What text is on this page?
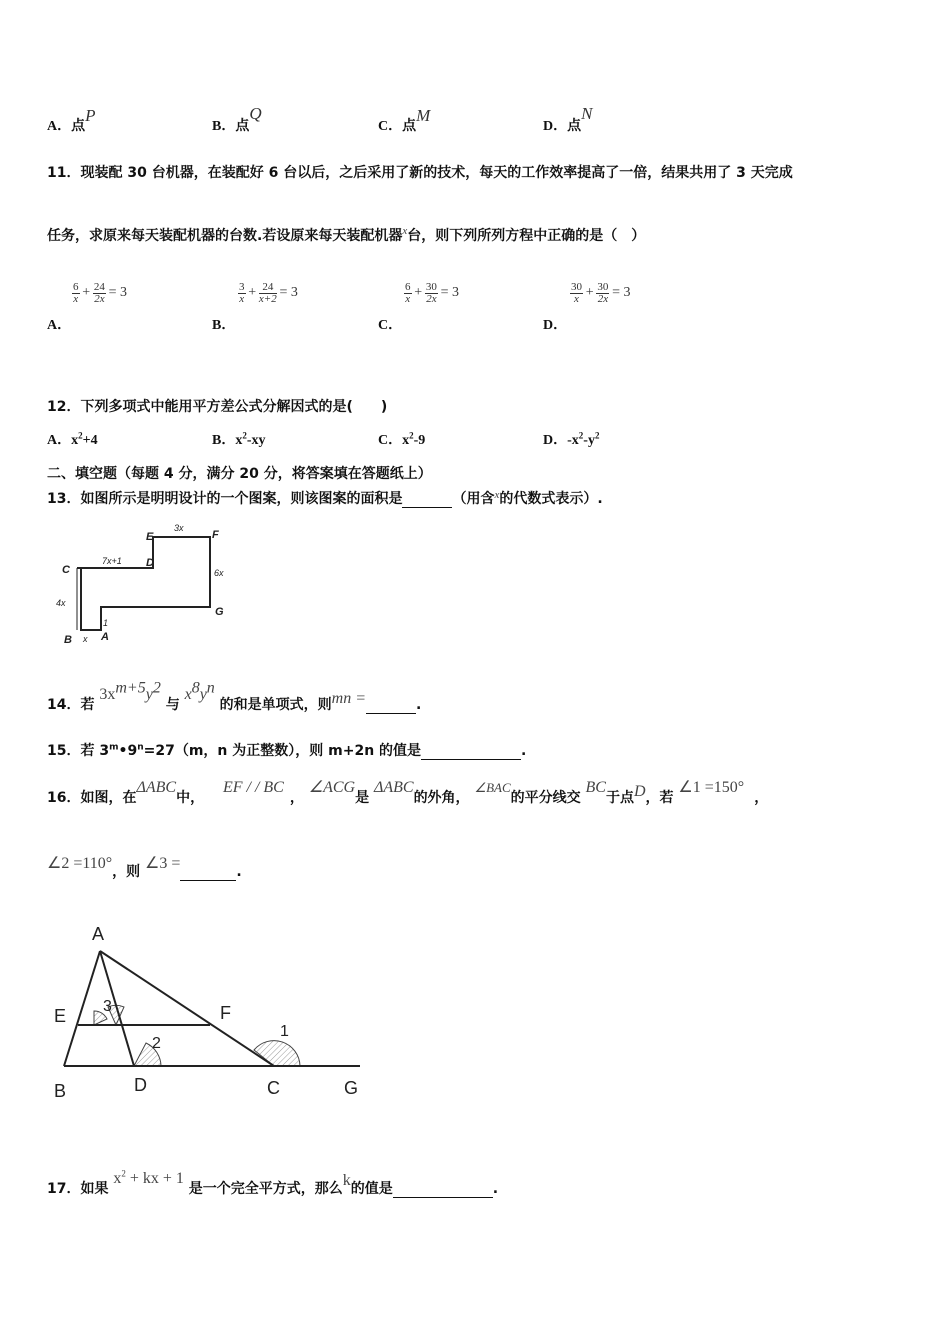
A．点P
B．点Q
C．点M
D．点N
11．现装配 30 台机器，在装配好 6 台以后，之后采用了新的技术，每天的工作效率提高了一倍，结果共用了 3 天完成
任务，求原来每天装配机器的台数.若设原来每天装配机器$^x$台，则下列所列方程中正确的是（　）
A．	B．	C．	D．
$\frac{6}{x} + \frac{24}{2x} = 3$	$\frac{3}{x} + \frac{24}{x+2} = 3$	$\frac{6}{x} + \frac{30}{2x} = 3$	$\frac{30}{x} + \frac{30}{2x} = 3$
12．下列多项式中能用平方差公式分解因式的是(　　)
A．$x^2+4$	B．$x^2-xy$	C．$x^2-9$	D．$-x^2-y^2$
二、填空题（每题 4 分，满分 20 分，将答案填在答题纸上）
13．如图所示是明明设计的一个图案，则该图案的面积是	（用含$^x$的代数式表示）.
C
D
E	F
G
B	A
7x+1
3x
6x
4x
x
1
14．若 $3x^{m+5}y^2$ 与 $x^8y^n$ 的和是单项式，则mn =	.
15．若 $3^m•9^n=27(m$，n 为正整数），则 m+2n 的值是	.
16．如图，在ΔABC中， EF / / BC， ∠ACG是 ΔABC的外角， ∠BAC的平分线交 BC于点D，若 ∠1 =150°，
∠2 =110°，则 ∠3 =	.
A
E	F
B	D	C	G
1
2
3
17．如果 $x^2$ + kx + 1 是一个完全平方式，那么k的值是	.
